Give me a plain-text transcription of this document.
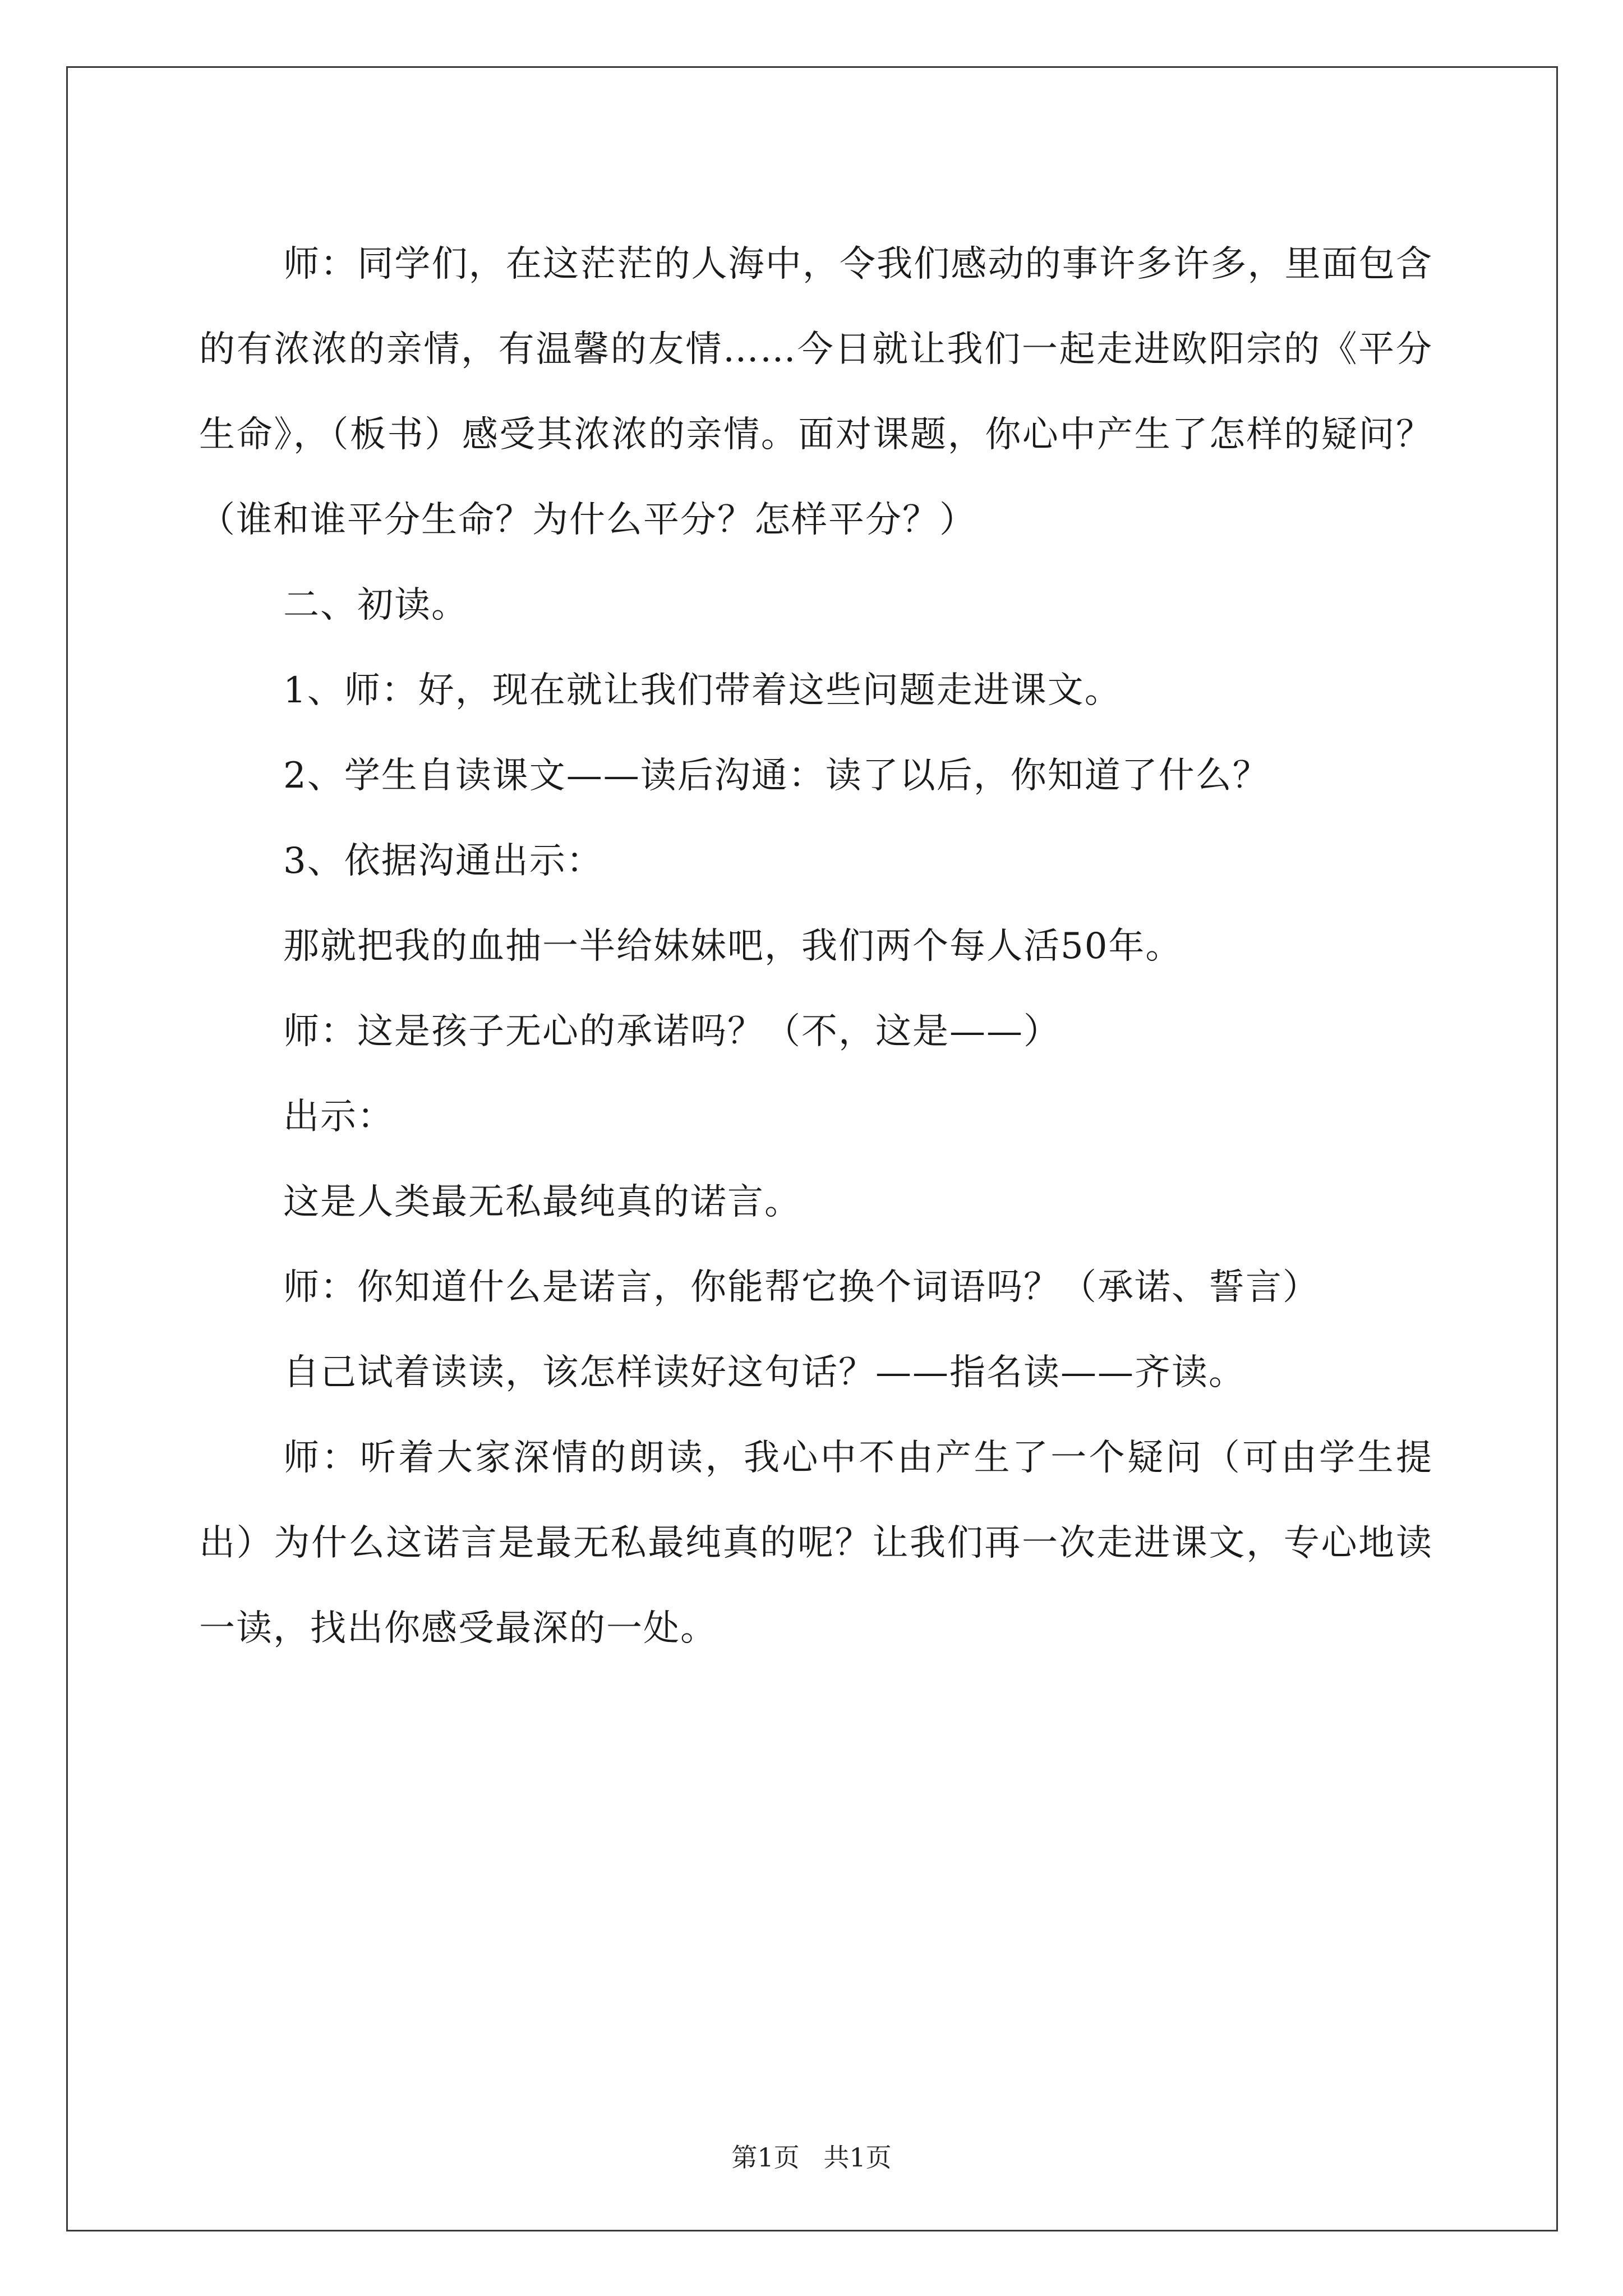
师：同学们，在这茫茫的人海中，令我们感动的事许多许多，里面包含的有浓浓的亲情，有温馨的友情……今日就让我们一起走进欧阳宗的《平分生命》，（板书）感受其浓浓的亲情。面对课题，你心中产生了怎样的疑问？（谁和谁平分生命？为什么平分？怎样平分？）

二、初读。

1、师：好，现在就让我们带着这些问题走进课文。

2、学生自读课文——读后沟通：读了以后，你知道了什么？

3、依据沟通出示：

那就把我的血抽一半给妹妹吧，我们两个每人活50年。

师：这是孩子无心的承诺吗？（不，这是——）

出示：

这是人类最无私最纯真的诺言。

师：你知道什么是诺言，你能帮它换个词语吗？（承诺、誓言）

自己试着读读，该怎样读好这句话？——指名读——齐读。

师：听着大家深情的朗读，我心中不由产生了一个疑问（可由学生提出）为什么这诺言是最无私最纯真的呢？让我们再一次走进课文，专心地读一读，找出你感受最深的一处。

第1页 共1页
